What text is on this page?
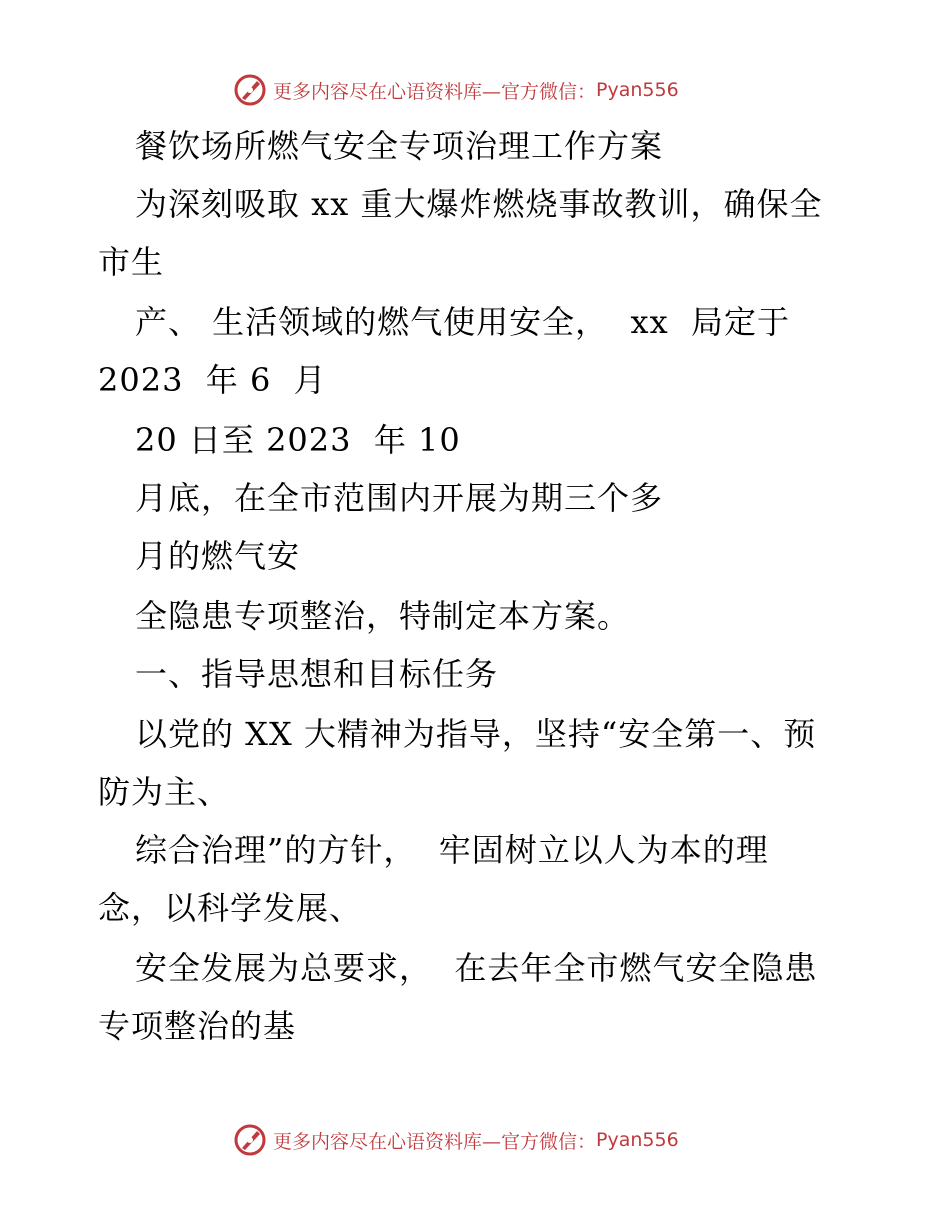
更多内容尽在心语资料库—官方微信： Pyan556
餐饮场所燃气安全专项治理工作方案
为深刻吸取 xx 重大爆炸燃烧事故教训，确保全
市生
产、 生活领域的燃气使用安全，  xx  局定于
2023  年 6  月
20 日至 2023  年 10
月底，在全市范围内开展为期三个多
月的燃气安
全隐患专项整治，特制定本方案。
一、指导思想和目标任务
以党的 XX 大精神为指导，坚持“安全第一、预
防为主、
综合治理”的方针，  牢固树立以人为本的理
念，以科学发展、
安全发展为总要求，  在去年全市燃气安全隐患
专项整治的基
更多内容尽在心语资料库—官方微信： Pyan556
